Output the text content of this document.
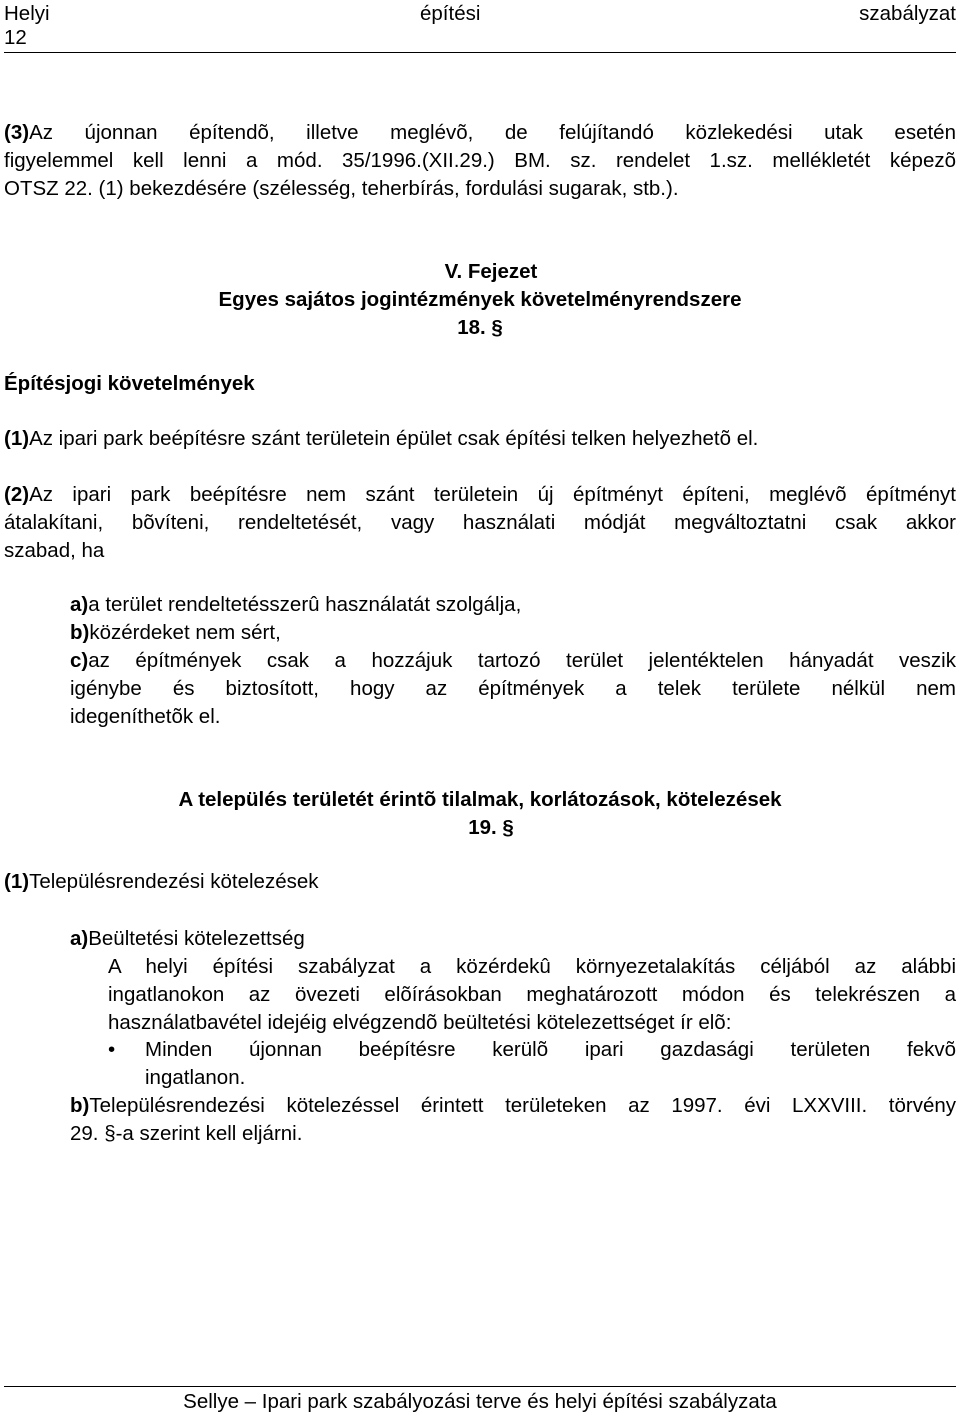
Helyi	építési	szabályzat
12
(3)Az újonnan építendõ, illetve meglévõ, de felújítandó közlekedési utak esetén
figyelemmel kell lenni a mód. 35/1996.(XII.29.) BM. sz. rendelet 1.sz. mellékletét képezõ
OTSZ 22. (1) bekezdésére (szélesség, teherbírás, fordulási sugarak, stb.).
V. Fejezet
Egyes sajátos jogintézmények követelményrendszere
18. §
Építésjogi követelmények
(1)Az ipari park beépítésre szánt területein épület csak építési telken helyezhetõ el.
(2)Az ipari park beépítésre nem szánt területein új építményt építeni, meglévõ építményt
átalakítani, bõvíteni, rendeltetését, vagy használati módját megváltoztatni csak akkor
szabad, ha
a)a terület rendeltetésszerû használatát szolgálja,
b)közérdeket nem sért,
c)az építmények csak a hozzájuk tartozó terület jelentéktelen hányadát veszik
igénybe és biztosított, hogy az építmények a telek területe nélkül nem
idegeníthetõk el.
A település területét érintõ tilalmak, korlátozások, kötelezések
19. §
(1)Településrendezési kötelezések
a)Beültetési kötelezettség
A helyi építési szabályzat a közérdekû környezetalakítás céljából az alábbi
ingatlanokon az övezeti elõírásokban meghatározott módon és telekrészen a
használatbavétel idejéig elvégzendõ beültetési kötelezettséget ír elõ:
• Minden újonnan beépítésre kerülõ ipari gazdasági területen fekvõ
ingatlanon.
b)Településrendezési kötelezéssel érintett területeken az 1997. évi LXXVIII. törvény
29. §-a szerint kell eljárni.
Sellye – Ipari park szabályozási terve és helyi építési szabályzata
